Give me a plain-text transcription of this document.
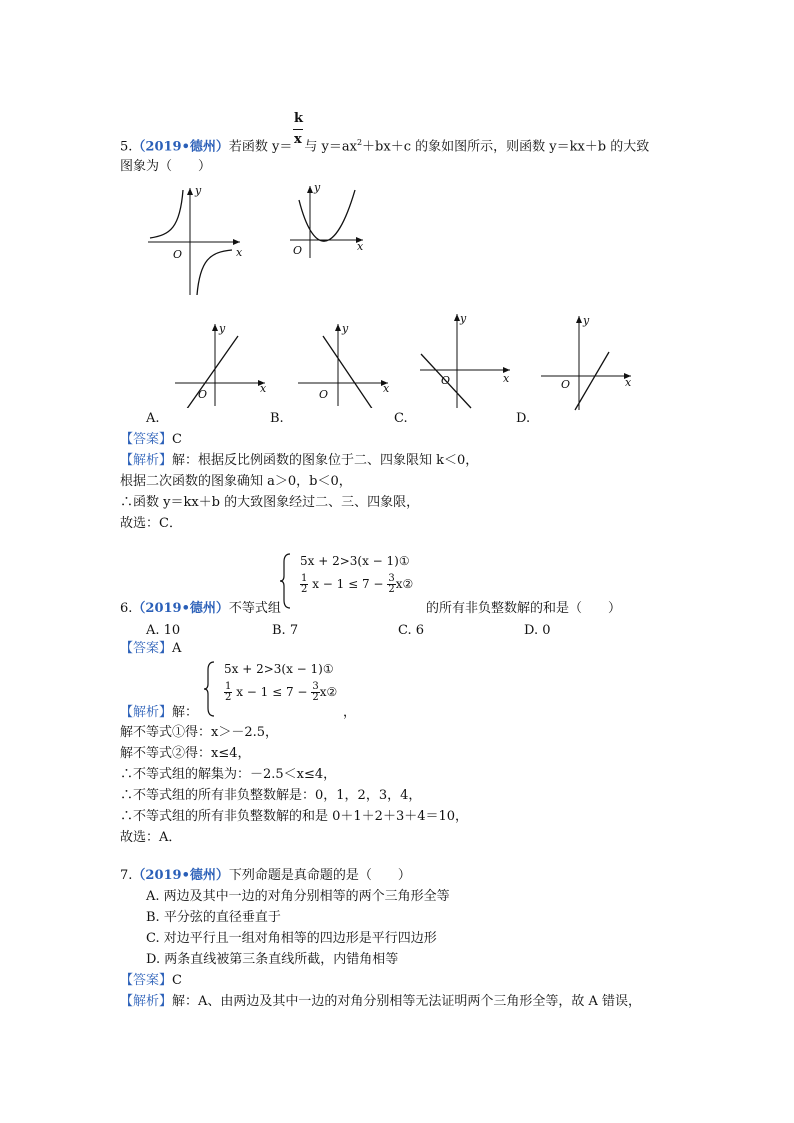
k
x
5.（2019•德州）若函数 y＝ 与 $y=ax^2+bx+c$ 的象如图所示，则函数 y＝kx＋b 的大致
图象为（　　）
y
x
O
y
x
O
y
x
O
y
x
O
y
x
O
y
x
O
A.	B.	C.	D.
【答案】C
【解析】解：根据反比例函数的图象位于二、四象限知 k＜0，
根据二次函数的图象确知 a＞0，b＜0，
∴函数 y＝kx＋b 的大致图象经过二、三、四象限，
故选：C．
5x + 2>3(x − 1)①
$\frac{1}{2}$ $x - 1 \le 7 - \frac{3}{2}$ x②
6.（2019•德州）不等式组	的所有非负整数解的和是（　　）
A. 10	B. 7	C. 6	D. 0
【答案】A
5x + 2>3(x − 1)①
$\frac{1}{2}$ $x - 1 \le 7 - \frac{3}{2}$ x②
【解析】解：	，
解不等式①得：x＞－2.5，
解不等式②得：x≤4，
∴不等式组的解集为：－2.5＜x≤4，
∴不等式组的所有非负整数解是：0，1，2，3，4，
∴不等式组的所有非负整数解的和是 0＋1＋2＋3＋4＝10，
故选：A．
7.（2019•德州）下列命题是真命题的是（　　）
A. 两边及其中一边的对角分别相等的两个三角形全等
B. 平分弦的直径垂直于
C. 对边平行且一组对角相等的四边形是平行四边形
D. 两条直线被第三条直线所截，内错角相等
【答案】C
【解析】解：A、由两边及其中一边的对角分别相等无法证明两个三角形全等，故 A 错误，
